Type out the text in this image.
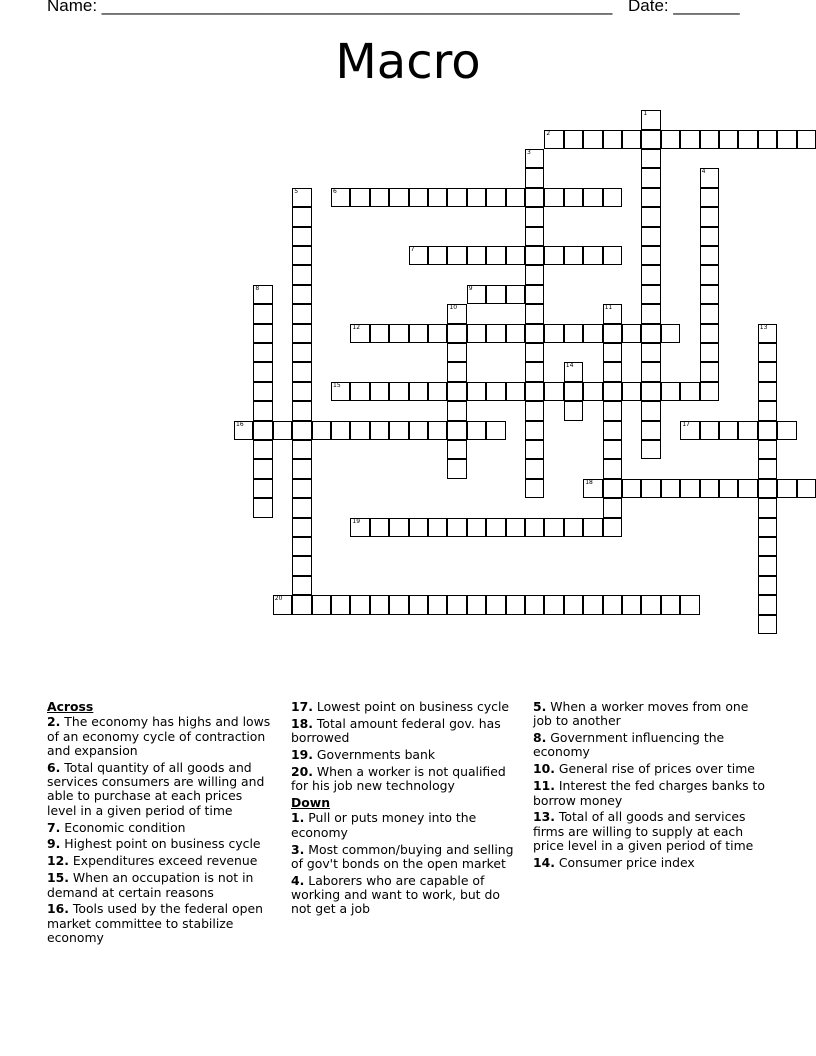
Name: ______________________________________________________ Date: _______
Macro
1
2
3
4
5	6
7
8	9
10	11
12	13
14
15
16	17
18
19
20
Across
2. The economy has highs and lows of an economy cycle of contraction and expansion
6. Total quantity of all goods and services consumers are willing and able to purchase at each prices level in a given period of time
7. Economic condition
9. Highest point on business cycle
12. Expenditures exceed revenue
15. When an occupation is not in demand at certain reasons
16. Tools used by the federal open market committee to stabilize economy
17. Lowest point on business cycle
18. Total amount federal gov. has borrowed
19. Governments bank
20. When a worker is not qualified for his job new technology
Down
1. Pull or puts money into the economy
3. Most common/buying and selling of gov't bonds on the open market
4. Laborers who are capable of working and want to work, but do not get a job
5. When a worker moves from one job to another
8. Government influencing the economy
10. General rise of prices over time
11. Interest the fed charges banks to borrow money
13. Total of all goods and services firms are willing to supply at each price level in a given period of time
14. Consumer price index
